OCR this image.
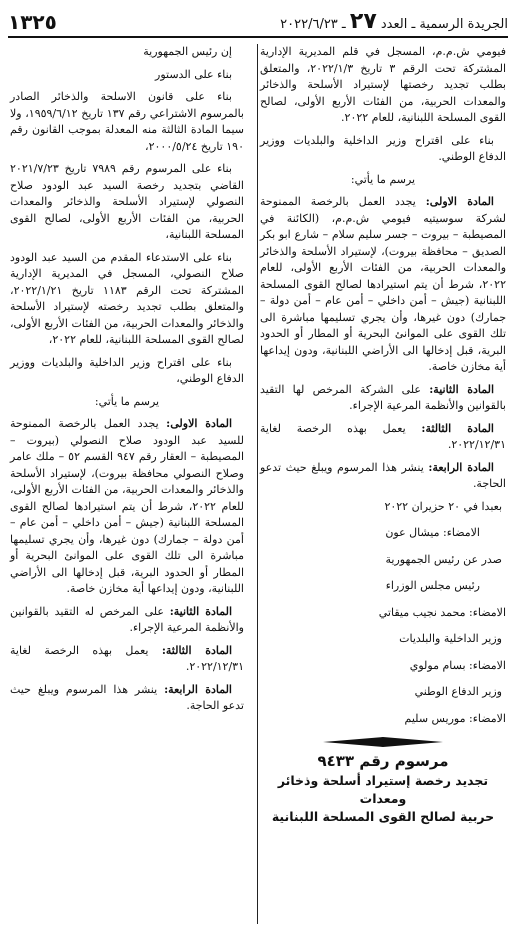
الجريدة الرسمية ـ العدد ٢٧ ـ ٢٠٢٢/٦/٢٣
١٣٢٥

فيومي ش.م.م، المسجل في قلم المديرية الإدارية المشتركة تحت الرقم ٣ تاريخ ٢٠٢٢/١/٣، والمتعلق بطلب تجديد رخصتها لإستيراد الأسلحة والذخائر والمعدات الحربية، من الفئات الأربع الأولى، لصالح القوى المسلحة اللبنانية، للعام ٢٠٢٢.

بناء على اقتراح وزير الداخلية والبلديات ووزير الدفاع الوطني.

يرسم ما يأتي:

المادة الاولى: يجدد العمل بالرخصة الممنوحة لشركة سوسيتيه فيومي ش.م.م، (الكائنة في المصيطبة – بيروت – جسر سليم سلام – شارع ابو بكر الصديق – محافظة بيروت)، لإستيراد الأسلحة والذخائر والمعدات الحربية، من الفئات الأربع الأولى، للعام ٢٠٢٢، شرط أن يتم استيرادها لصالح القوى المسلحة اللبنانية (جيش – أمن داخلي – أمن عام – أمن دولة – جمارك) دون غيرها، وأن يجري تسليمها مباشرة الى تلك القوى على الموانئ البحرية أو المطار أو الحدود البرية، قبل إدخالها الى الأراضي اللبنانية، ودون إيداعها أية مخازن خاصة.

المادة الثانية: على الشركة المرخص لها التقيد بالقوانين والأنظمة المرعية الإجراء.

المادة الثالثة: يعمل بهذه الرخصة لغاية ٢٠٢٢/١٢/٣١.

المادة الرابعة: ينشر هذا المرسوم ويبلغ حيث تدعو الحاجة.

بعبدا في ٢٠ حزيران ٢٠٢٢

الامضاء: ميشال عون

صدر عن رئيس الجمهورية

رئيس مجلس الوزراء

الامضاء: محمد نجيب ميقاتي

وزير الداخلية والبلديات

الامضاء: بسام مولوي

وزير الدفاع الوطني

الامضاء: موريس سليم

مرسوم رقم ٩٤٣٣
تجديد رخصة إستيراد أسلحة وذخائر ومعدات
حربية لصالح القوى المسلحة اللبنانية

إن رئيس الجمهورية

بناء على الدستور

بناء على قانون الاسلحة والذخائر الصادر بالمرسوم الاشتراعي رقم ١٣٧ تاريخ ١٩٥٩/٦/١٢، ولا سيما المادة الثالثة منه المعدلة بموجب القانون رقم ١٩٠ تاريخ ٢٠٠٠/٥/٢٤،

بناء على المرسوم رقم ٧٩٨٩ تاريخ ٢٠٢١/٧/٢٣ القاضي بتجديد رخصة السيد عبد الودود صلاح النصولي لإستيراد الأسلحة والذخائر والمعدات الحربية، من الفئات الأربع الأولى، لصالح القوى المسلحة اللبنانية،

بناء على الاستدعاء المقدم من السيد عبد الودود صلاح النصولي، المسجل في المديرية الإدارية المشتركة تحت الرقم ١١٨٣ تاريخ ٢٠٢٢/١/٢١، والمتعلق بطلب تجديد رخصته لإستيراد الأسلحة والذخائر والمعدات الحربية، من الفئات الأربع الأولى، لصالح القوى المسلحة اللبنانية، للعام ٢٠٢٢،

بناء على اقتراح وزير الداخلية والبلديات ووزير الدفاع الوطني،

يرسم ما يأتي:

المادة الاولى: يجدد العمل بالرخصة الممنوحة للسيد عبد الودود صلاح النصولي (بيروت – المصيطبة – العقار رقم ٩٤٧ القسم ٥٢ – ملك عامر وصلاح النصولي محافظة بيروت)، لإستيراد الأسلحة والذخائر والمعدات الحربية، من الفئات الأربع الأولى، للعام ٢٠٢٢، شرط أن يتم استيرادها لصالح القوى المسلحة اللبنانية (جيش – أمن داخلي – أمن عام – أمن دولة – جمارك) دون غيرها، وأن يجري تسليمها مباشرة الى تلك القوى على الموانئ البحرية أو المطار أو الحدود البرية، قبل إدخالها الى الأراضي اللبنانية، ودون إيداعها أية مخازن خاصة.

المادة الثانية: على المرخص له التقيد بالقوانين والأنظمة المرعية الإجراء.

المادة الثالثة: يعمل بهذه الرخصة لغاية ٢٠٢٢/١٢/٣١.

المادة الرابعة: ينشر هذا المرسوم ويبلغ حيث تدعو الحاجة.
